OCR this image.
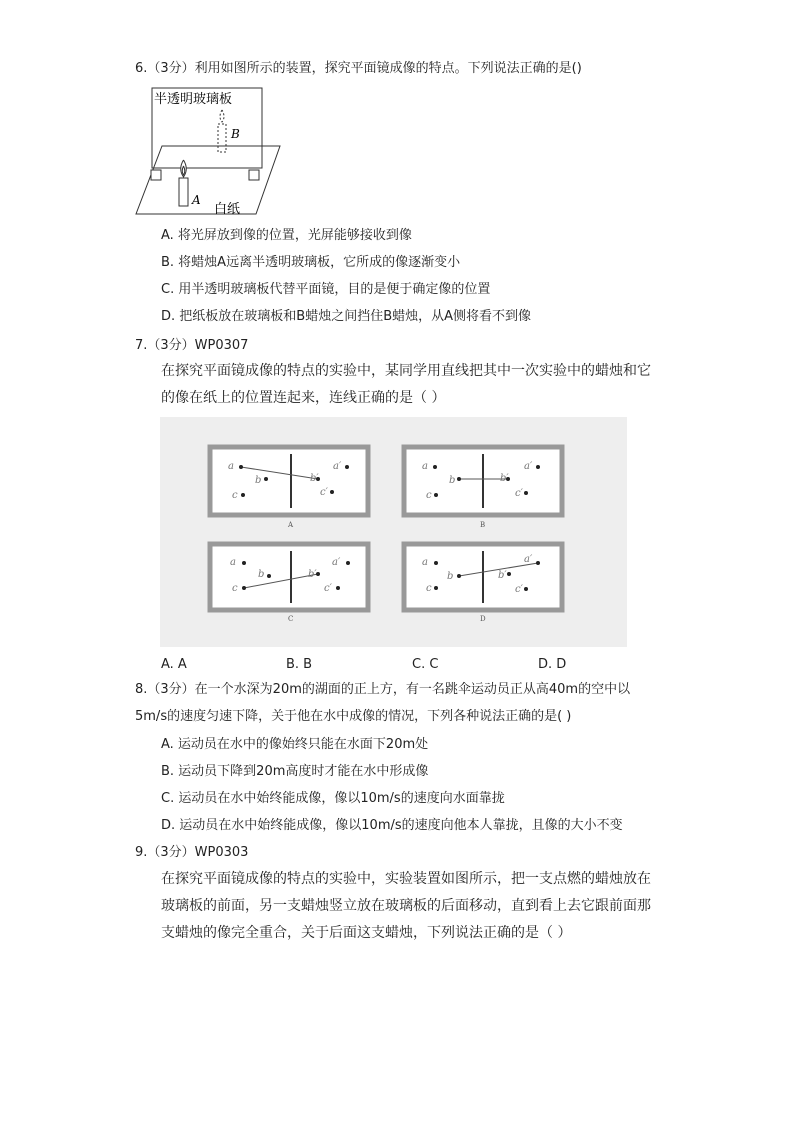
6.（3分）利用如图所示的装置，探究平面镜成像的特点。下列说法正确的是()
半透明玻璃板
B
A
白纸
A. 将光屏放到像的位置，光屏能够接收到像
B. 将蜡烛A远离半透明玻璃板，它所成的像逐渐变小
C. 用半透明玻璃板代替平面镜，目的是便于确定像的位置
D. 把纸板放在玻璃板和B蜡烛之间挡住B蜡烛，从A侧将看不到像
7.（3分）WP0307
在探究平面镜成像的特点的实验中，某同学用直线把其中一次实验中的蜡烛和它
的像在纸上的位置连起来，连线正确的是（ ）
a
b
c
a′
b′
c′
A
a
b
c
a′
b′
c′
B
a
b
c
a′
b′
c′
C
a
b
c
a′
b′
c′
D
A. A	B. B	C. C	D. D
8.（3分）在一个水深为20m的湖面的正上方，有一名跳伞运动员正从高40m的空中以
5m/s的速度匀速下降，关于他在水中成像的情况，下列各种说法正确的是( )
A. 运动员在水中的像始终只能在水面下20m处
B. 运动员下降到20m高度时才能在水中形成像
C. 运动员在水中始终能成像，像以10m/s的速度向水面靠拢
D. 运动员在水中始终能成像，像以10m/s的速度向他本人靠拢，且像的大小不变
9.（3分）WP0303
在探究平面镜成像的特点的实验中，实验装置如图所示，把一支点燃的蜡烛放在
玻璃板的前面，另一支蜡烛竖立放在玻璃板的后面移动，直到看上去它跟前面那
支蜡烛的像完全重合，关于后面这支蜡烛，下列说法正确的是（ ）
